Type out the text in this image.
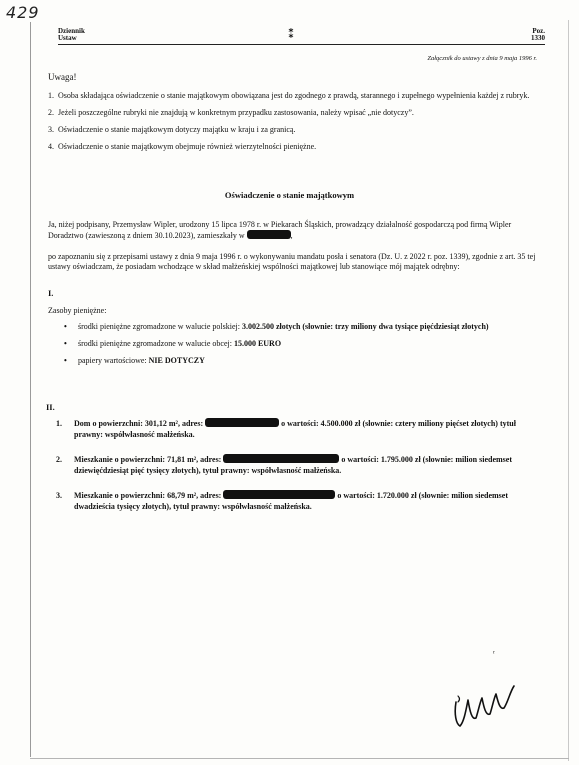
429
Dziennik
Ustaw	⁑	Poz.
1330
Załącznik do ustawy z dnia 9 maja 1996 r.
Uwaga!
1. Osoba składająca oświadczenie o stanie majątkowym obowiązana jest do zgodnego z prawdą, starannego i zupełnego wypełnienia każdej z rubryk.
2. Jeżeli poszczególne rubryki nie znajdują w konkretnym przypadku zastosowania, należy wpisać „nie dotyczy”.
3. Oświadczenie o stanie majątkowym dotyczy majątku w kraju i za granicą.
4. Oświadczenie o stanie majątkowym obejmuje również wierzytelności pieniężne.
Oświadczenie o stanie majątkowym
Ja, niżej podpisany, Przemysław Wipler, urodzony 15 lipca 1978 r. w Piekarach Śląskich, prowadzący działalność gospodarczą pod firmą Wipler Doradztwo (zawieszoną z dniem 30.10.2023), zamieszkały w	,
po zapoznaniu się z przepisami ustawy z dnia 9 maja 1996 r. o wykonywaniu mandatu posła i senatora (Dz. U. z 2022 r. poz. 1339), zgodnie z art. 35 tej ustawy oświadczam, że posiadam wchodzące w skład małżeńskiej wspólności majątkowej lub stanowiące mój majątek odrębny:
I.
Zasoby pieniężne:
•	środki pieniężne zgromadzone w walucie polskiej: 3.002.500 złotych (słownie: trzy miliony dwa tysiące pięćdziesiąt złotych)
•	środki pieniężne zgromadzone w walucie obcej: 15.000 EURO
•	papiery wartościowe: NIE DOTYCZY
II.
1.	Dom o powierzchni: 301,12 m², adres:	o wartości: 4.500.000 zł (słownie: cztery miliony pięćset złotych) tytuł prawny: współwłasność małżeńska.
2.	Mieszkanie o powierzchni: 71,81 m², adres:	o wartości: 1.795.000 zł (słownie: milion siedemset dziewięćdziesiąt pięć tysięcy złotych), tytuł prawny: współwłasność małżeńska.
3.	Mieszkanie o powierzchni: 68,79 m², adres:	o wartości: 1.720.000 zł (słownie: milion siedemset dwadzieścia tysięcy złotych), tytuł prawny: współwłasność małżeńska.
ʳ
